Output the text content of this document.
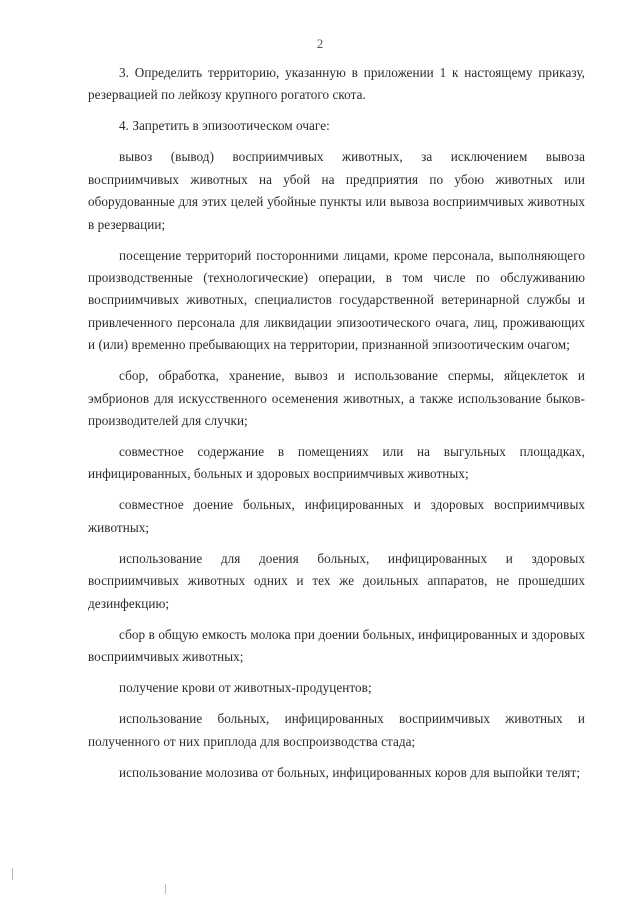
2

3. Определить территорию, указанную в приложении 1 к настоящему приказу, резервацией по лейкозу крупного рогатого скота.

4. Запретить в эпизоотическом очаге:

вывоз (вывод) восприимчивых животных, за исключением вывоза восприимчивых животных на убой на предприятия по убою животных или оборудованные для этих целей убойные пункты или вывоза восприимчивых животных в резервации;

посещение территорий посторонними лицами, кроме персонала, выполняющего производственные (технологические) операции, в том числе по обслуживанию восприимчивых животных, специалистов государственной ветеринарной службы и привлеченного персонала для ликвидации эпизоотического очага, лиц, проживающих и (или) временно пребывающих на территории, признанной эпизоотическим очагом;

сбор, обработка, хранение, вывоз и использование спермы, яйцеклеток и эмбрионов для искусственного осеменения животных, а также использование быков-производителей для случки;

совместное содержание в помещениях или на выгульных площадках, инфицированных, больных и здоровых восприимчивых животных;

совместное доение больных, инфицированных и здоровых восприимчивых животных;

использование для доения больных, инфицированных и здоровых восприимчивых животных одних и тех же доильных аппаратов, не прошедших дезинфекцию;

сбор в общую емкость молока при доении больных, инфицированных и здоровых восприимчивых животных;

получение крови от животных-продуцентов;

использование больных, инфицированных восприимчивых животных и полученного от них приплода для воспроизводства стада;

использование молозива от больных, инфицированных коров для выпойки телят;
